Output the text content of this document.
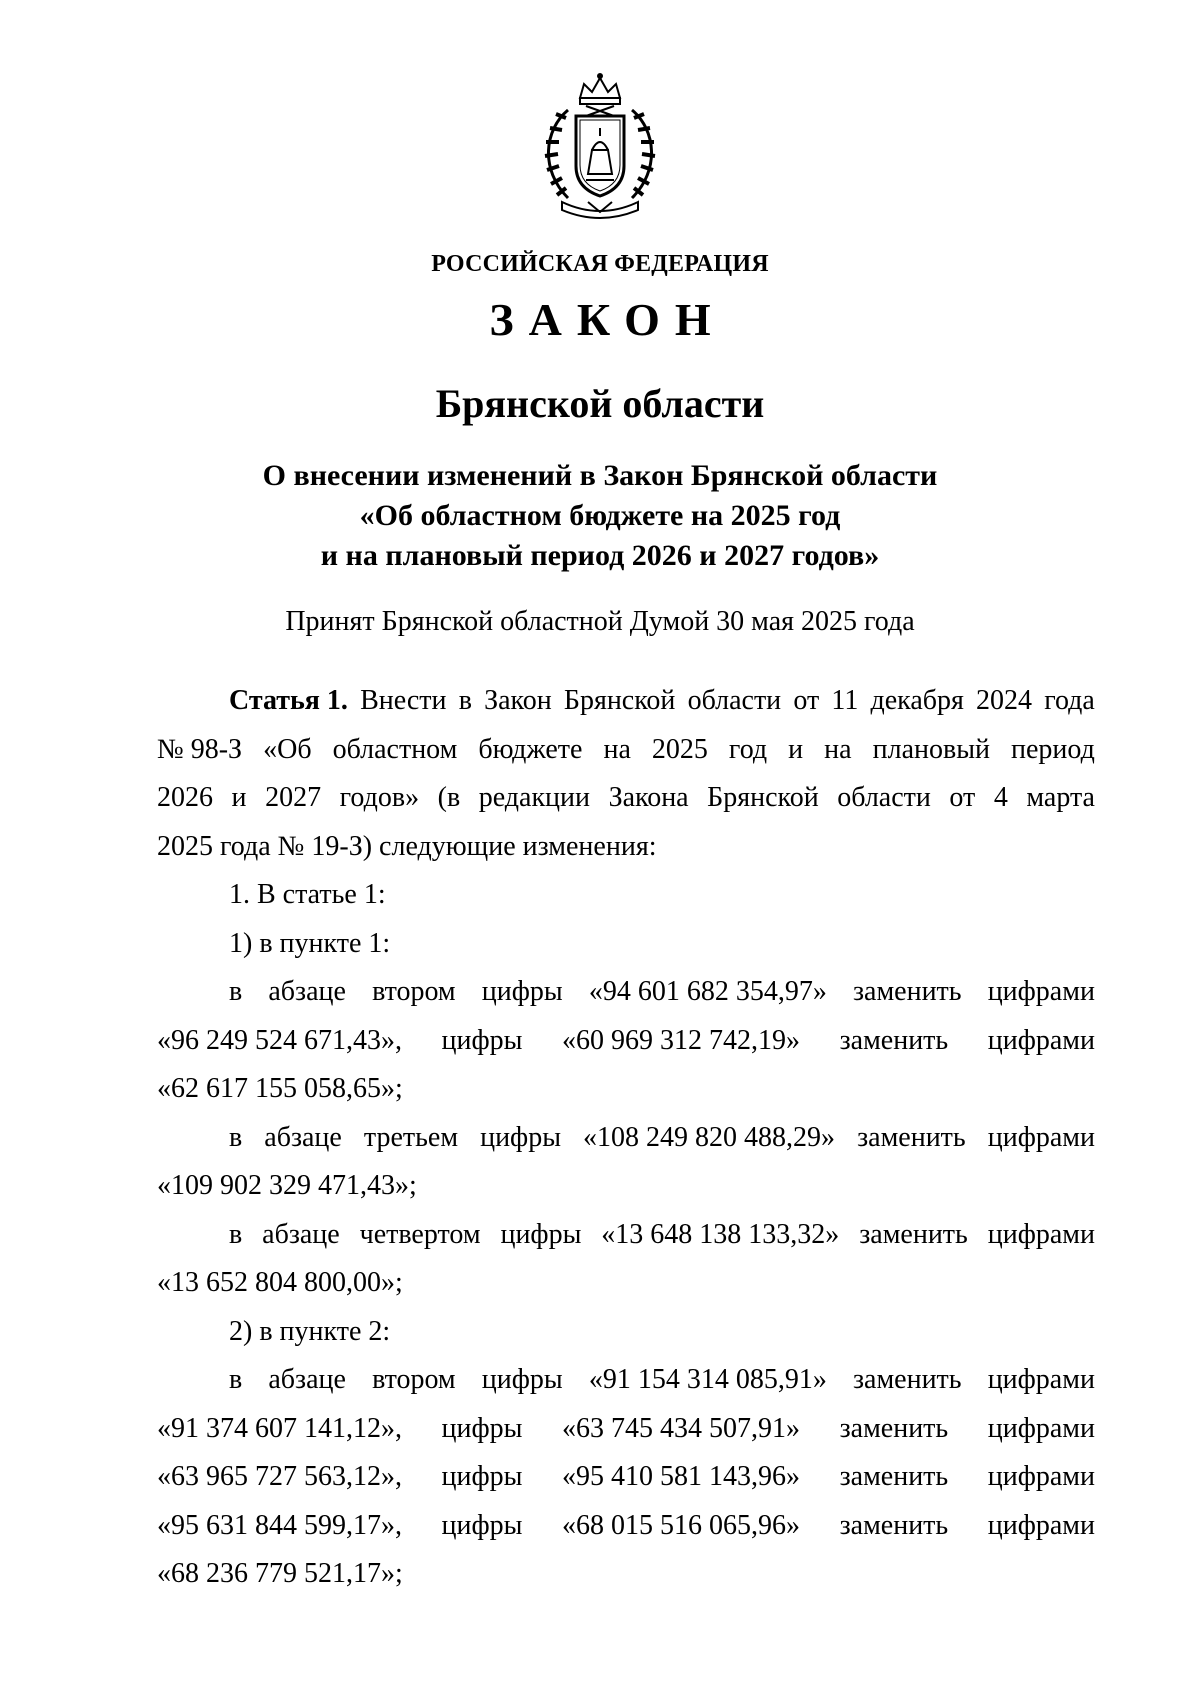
РОССИЙСКАЯ ФЕДЕРАЦИЯ
ЗАКОН
Брянской области
О внесении изменений в Закон Брянской области
«Об областном бюджете на 2025 год
и на плановый период 2026 и 2027 годов»
Принят Брянской областной Думой 30 мая 2025 года
Статья 1. Внести в Закон Брянской области от 11 декабря 2024 года
№ 98-З «Об областном бюджете на 2025 год и на плановый период
2026 и 2027 годов» (в редакции Закона Брянской области от 4 марта
2025 года № 19-З) следующие изменения:
1. В статье 1:
1) в пункте 1:
в абзаце втором цифры «94 601 682 354,97» заменить цифрами
«96 249 524 671,43», цифры «60 969 312 742,19» заменить цифрами
«62 617 155 058,65»;
в абзаце третьем цифры «108 249 820 488,29» заменить цифрами
«109 902 329 471,43»;
в абзаце четвертом цифры «13 648 138 133,32» заменить цифрами
«13 652 804 800,00»;
2) в пункте 2:
в абзаце втором цифры «91 154 314 085,91» заменить цифрами
«91 374 607 141,12», цифры «63 745 434 507,91» заменить цифрами
«63 965 727 563,12», цифры «95 410 581 143,96» заменить цифрами
«95 631 844 599,17», цифры «68 015 516 065,96» заменить цифрами
«68 236 779 521,17»;
